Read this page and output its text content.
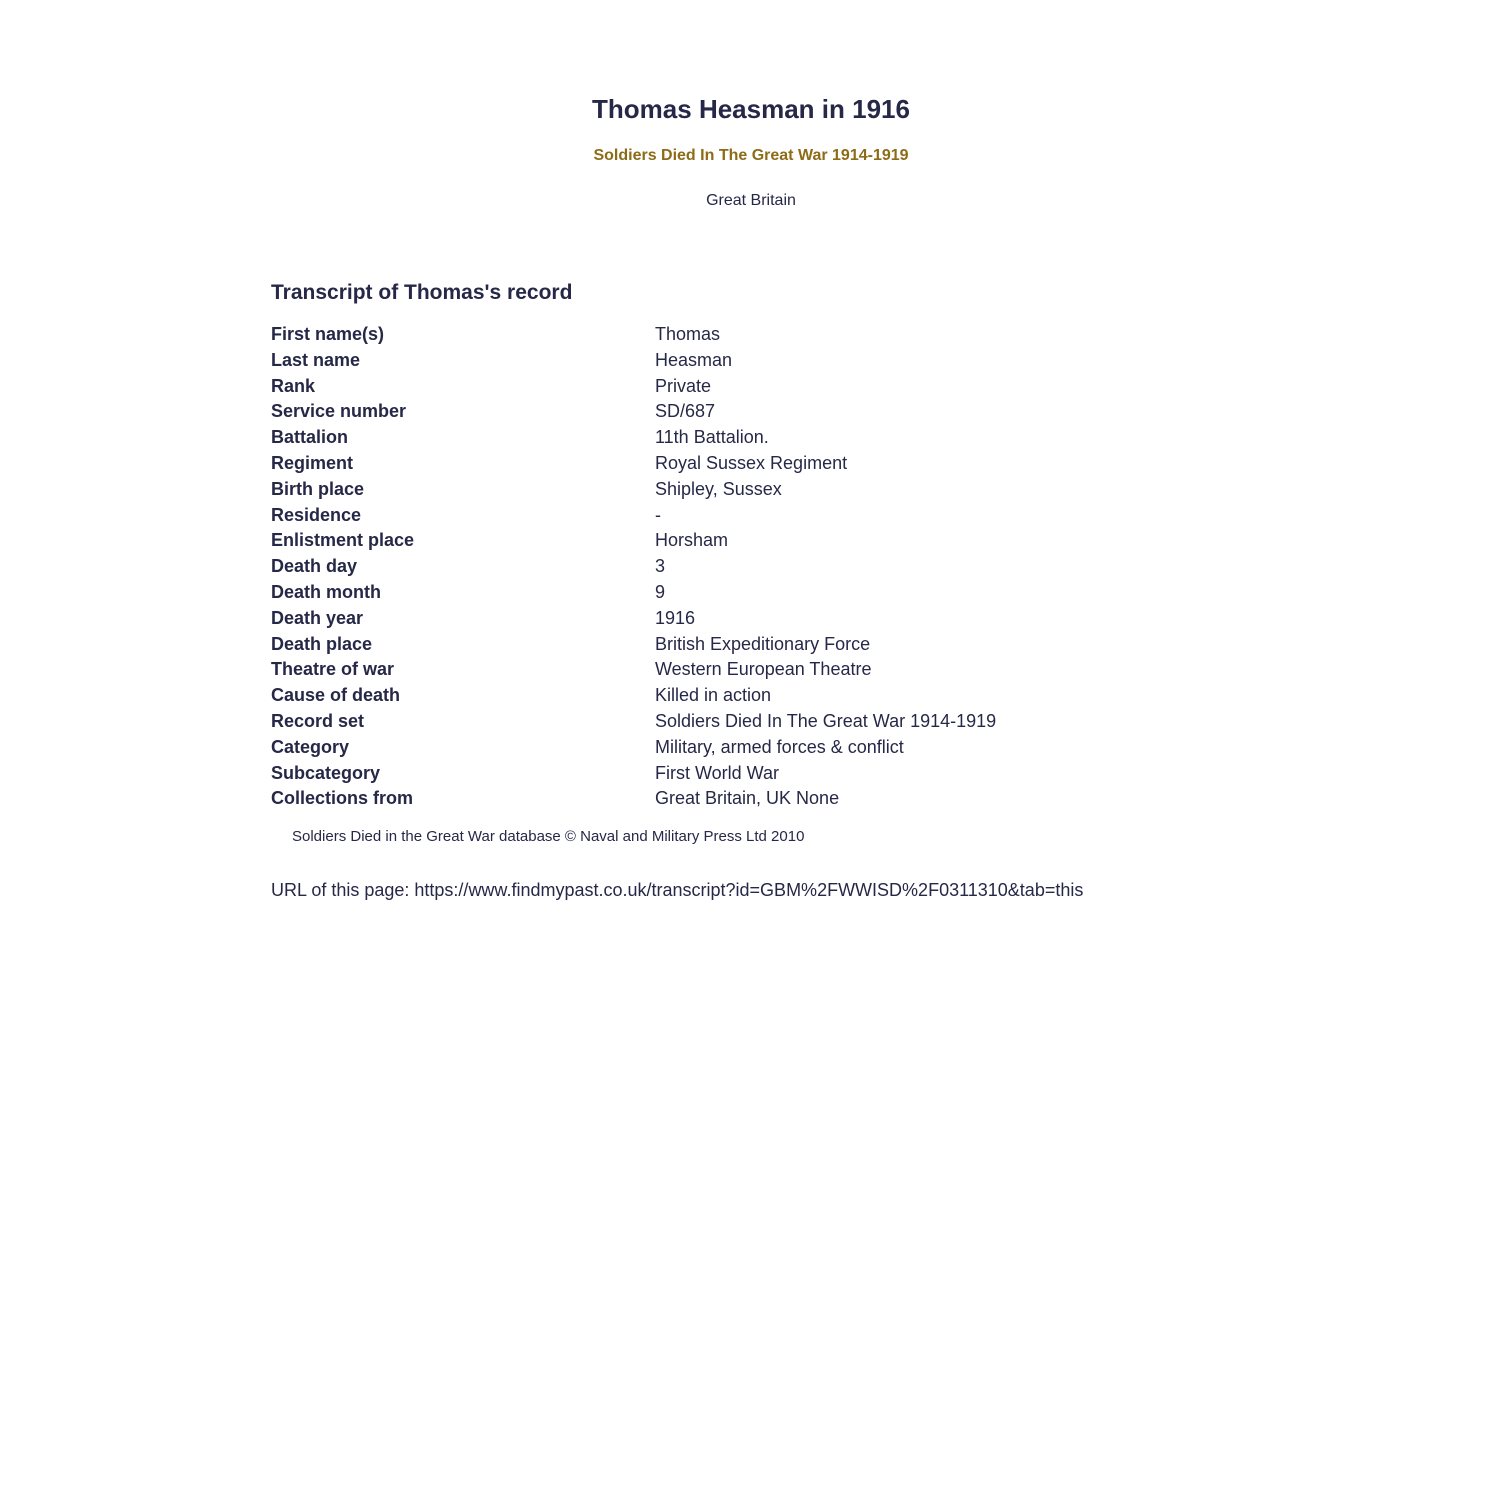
Thomas Heasman in 1916
Soldiers Died In The Great War 1914-1919
Great Britain
Transcript of Thomas's record
First name(s)	Thomas
Last name	Heasman
Rank	Private
Service number	SD/687
Battalion	11th Battalion.
Regiment	Royal Sussex Regiment
Birth place	Shipley, Sussex
Residence	-
Enlistment place	Horsham
Death day	3
Death month	9
Death year	1916
Death place	British Expeditionary Force
Theatre of war	Western European Theatre
Cause of death	Killed in action
Record set	Soldiers Died In The Great War 1914-1919
Category	Military, armed forces & conflict
Subcategory	First World War
Collections from	Great Britain, UK None
Soldiers Died in the Great War database © Naval and Military Press Ltd 2010
URL of this page: https://www.findmypast.co.uk/transcript?id=GBM%2FWWISD%2F0311310&tab=this
